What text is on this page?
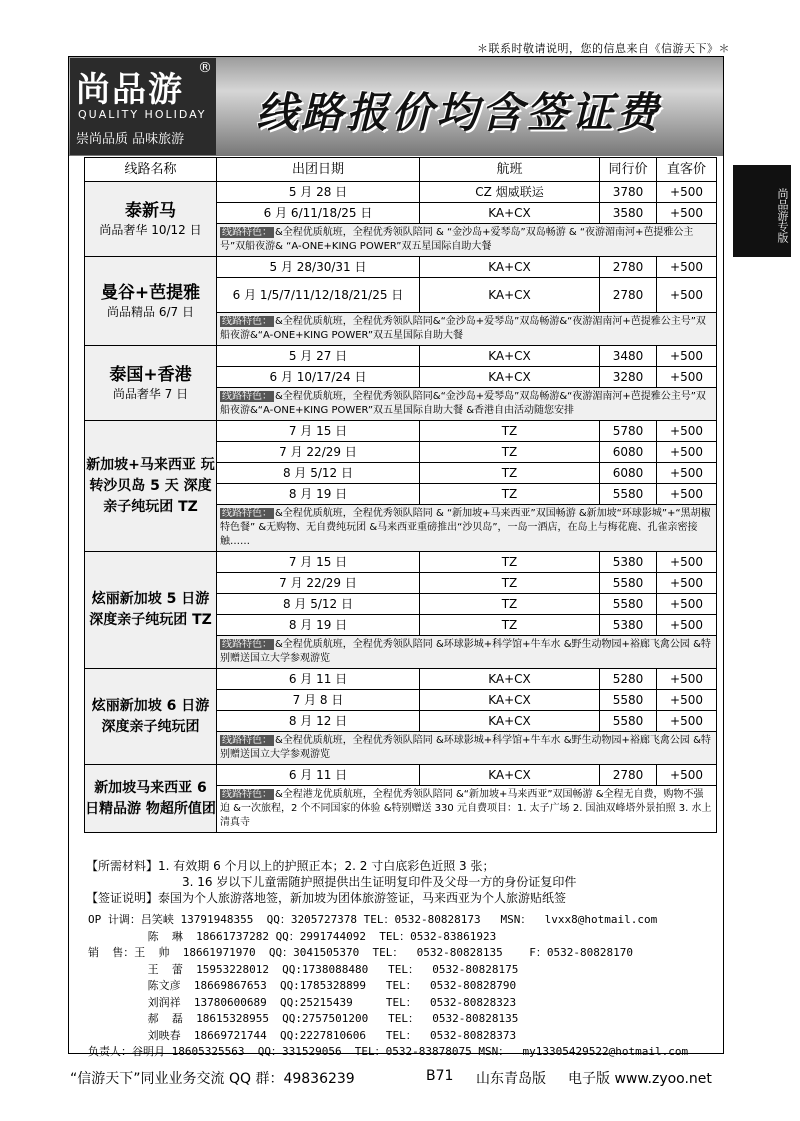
＊联系时敬请说明，您的信息来自《信游天下》＊
尚品游
®
QUALITY HOLIDAY
崇尚品质 品味旅游
线路报价均含签证费
尚品游专版
线路名称	出团日期	航班	同行价	直客价
泰新马
尚品奢华 10/12 日	5 月 28 日	CZ 烟威联运	3780	+500
	6 月 6/11/18/25 日	KA+CX	3580	+500
	线路特色： &全程优质航班，全程优秀领队陪同 & “金沙岛+爱琴岛”双岛畅游 & “夜游湄南河+芭提雅公主号”双船夜游& “A-ONE+KING POWER”双五星国际自助大餐			
曼谷+芭提雅
尚品精品 6/7 日	5 月 28/30/31 日	KA+CX	2780	+500
	6 月 1/5/7/11/12/18/21/25 日	KA+CX	2780	+500
	线路特色： &全程优质航班，全程优秀领队陪同&“金沙岛+爱琴岛”双岛畅游&“夜游湄南河+芭提雅公主号”双船夜游&“A-ONE+KING POWER”双五星国际自助大餐			
泰国+香港
尚品奢华 7 日	5 月 27 日	KA+CX	3480	+500
	6 月 10/17/24 日	KA+CX	3280	+500
	线路特色： &全程优质航班，全程优秀领队陪同&“金沙岛+爱琴岛”双岛畅游&“夜游湄南河+芭提雅公主号”双船夜游&“A-ONE+KING POWER”双五星国际自助大餐 &香港自由活动随您安排			
新加坡+马来西亚 玩转沙贝岛 5 天 深度亲子纯玩团 TZ	7 月 15 日	TZ	5780	+500
	7 月 22/29 日	TZ	6080	+500
	8 月 5/12 日	TZ	6080	+500
	8 月 19 日	TZ	5580	+500
	线路特色： &全程优质航班，全程优秀领队陪同 & “新加坡+马来西亚”双国畅游 &新加坡“环球影城”+“黑胡椒特色餐” &无购物、无自费纯玩团 &马来西亚重磅推出“沙贝岛”，一岛一酒店，在岛上与梅花鹿、孔雀亲密接触……			
炫丽新加坡 5 日游 深度亲子纯玩团 TZ	7 月 15 日	TZ	5380	+500
	7 月 22/29 日	TZ	5580	+500
	8 月 5/12 日	TZ	5580	+500
	8 月 19 日	TZ	5380	+500
	线路特色： &全程优质航班，全程优秀领队陪同 &环球影城+科学馆+牛车水 &野生动物园+裕廊飞禽公园 &特别赠送国立大学参观游览			
炫丽新加坡 6 日游 深度亲子纯玩团	6 月 11 日	KA+CX	5280	+500
	7 月 8 日	KA+CX	5580	+500
	8 月 12 日	KA+CX	5580	+500
	线路特色： &全程优质航班，全程优秀领队陪同 &环球影城+科学馆+牛车水 &野生动物园+裕廊飞禽公园 &特别赠送国立大学参观游览			
新加坡马来西亚 6 日精品游 物超所值团	6 月 11 日	KA+CX	2780	+500
	线路特色： &全程港龙优质航班，全程优秀领队陪同 &“新加坡+马来西亚”双国畅游 &全程无自费，购物不强迫 &一次旅程，2 个不同国家的体验 &特别赠送 330 元自费项目：1. 太子广场 2. 国油双峰塔外景拍照 3. 水上清真寺			
【所需材料】1. 有效期 6 个月以上的护照正本；2. 2 寸白底彩色近照 3 张；
3. 16 岁以下儿童需随护照提供出生证明复印件及父母一方的身份证复印件
【签证说明】泰国为个人旅游落地签，新加坡为团体旅游签证，马来西亚为个人旅游贴纸签
OP 计调：吕笑峡 13791948355  QQ：3205727378 TEL：0532-80828173   MSN：  lvxx8@hotmail.com
陈  琳  18661737282 QQ：2991744092  TEL：0532-83861923
销  售：王  帅  18661971970  QQ：3041505370  TEL：  0532-80828135    F：0532-80828170
王  蕾  15953228012  QQ:1738088480   TEL：  0532-80828175
陈文彦  18669867653  QQ:1785328899   TEL：  0532-80828790
刘润祥  13780600689  QQ:25215439     TEL：  0532-80828323
郝  磊  18615328955  QQ:2757501200   TEL：  0532-80828135
刘映春  18669721744  QQ:2227810606   TEL：  0532-80828373
负责人：谷明月 18605325563  QQ：331529056  TEL：0532-83878075 MSN：  my13305429522@hotmail.com
“信游天下”同业业务交流 QQ 群：49836239	B71 山东青岛版 电子版 www.zyoo.net
